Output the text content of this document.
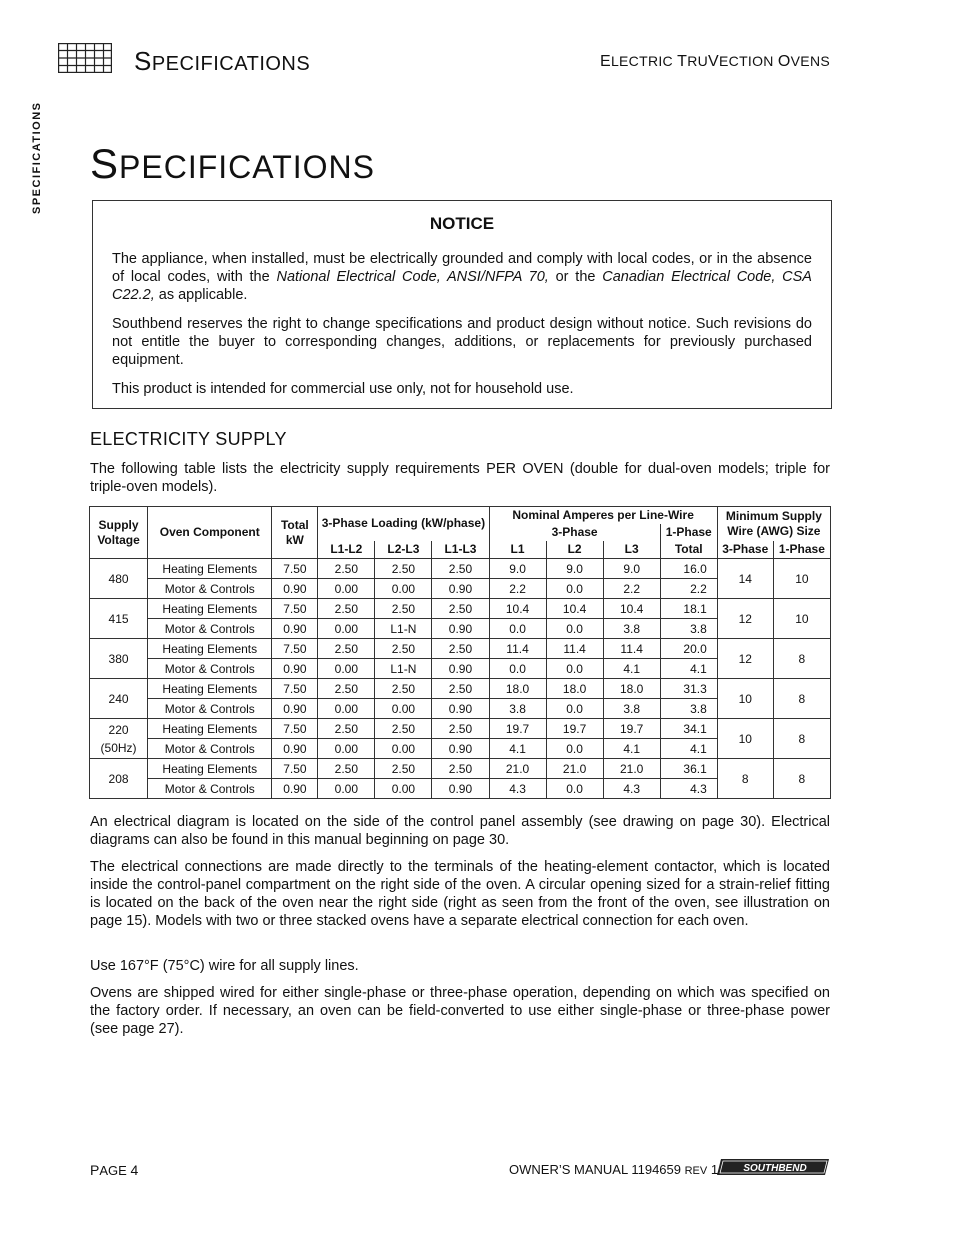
SPECIFICATIONS	ELECTRIC TRUVECTION OVENS
SPECIFICATIONS SPECIFICATIONS
NOTICE

The appliance, when installed, must be electrically grounded and comply with local codes, or in the absence of local codes, with the National Electrical Code, ANSI/NFPA 70, or the Canadian Electrical Code, CSA C22.2, as applicable.

Southbend reserves the right to change specifications and product design without notice. Such revisions do not entitle the buyer to corresponding changes, additions, or replacements for previously purchased equipment.

This product is intended for commercial use only, not for household use.

ELECTRICITY SUPPLY

The following table lists the electricity supply requirements PER OVEN (double for dual-oven models; triple for triple-oven models).

Supply Voltage	Oven Component	Total kW	3-Phase Loading (kW/phase)			Nominal Amperes per Line-Wire				Minimum Supply Wire (AWG) Size	
						3-Phase			1-Phase		
			L1-L2	L2-L3	L1-L3	L1	L2	L3	Total	3-Phase	1-Phase

480	Heating Elements	7.50	2.50	2.50	2.50	9.0	9.0	9.0	16.0	14	10
	Motor & Controls	0.90	0.00	0.00	0.90	2.2	0.0	2.2	2.2		

415	Heating Elements	7.50	2.50	2.50	2.50	10.4	10.4	10.4	18.1	12	10
	Motor & Controls	0.90	0.00	L1-N	0.90	0.0	0.0	3.8	3.8		

380	Heating Elements	7.50	2.50	2.50	2.50	11.4	11.4	11.4	20.0	12	8
	Motor & Controls	0.90	0.00	L1-N	0.90	0.0	0.0	4.1	4.1		

240	Heating Elements	7.50	2.50	2.50	2.50	18.0	18.0	18.0	31.3	10	8
	Motor & Controls	0.90	0.00	0.00	0.90	3.8	0.0	3.8	3.8		

220
(50Hz)	Heating Elements	7.50	2.50	2.50	2.50	19.7	19.7	19.7	34.1	10	8
	Motor & Controls	0.90	0.00	0.00	0.90	4.1	0.0	4.1	4.1		

208	Heating Elements	7.50	2.50	2.50	2.50	21.0	21.0	21.0	36.1	8	8
	Motor & Controls	0.90	0.00	0.00	0.90	4.3	0.0	4.3	4.3		

An electrical diagram is located on the side of the control panel assembly (see drawing on page 30). Electrical diagrams can also be found in this manual beginning on page 30.

The electrical connections are made directly to the terminals of the heating-element contactor, which is located inside the control-panel compartment on the right side of the oven. A circular opening sized for a strain-relief fitting is located on the back of the oven near the right side (right as seen from the front of the oven, see illustration on page 15). Models with two or three stacked ovens have a separate electrical connection for each oven.

Use 167°F (75°C) wire for all supply lines.

Ovens are shipped wired for either single-phase or three-phase operation, depending on which was specified on the factory order. If necessary, an oven can be field-converted to use either single-phase or three-phase power (see page 27).

PAGE 4	OWNER’S MANUAL 1194659 REV 1	SOUTHBEND
